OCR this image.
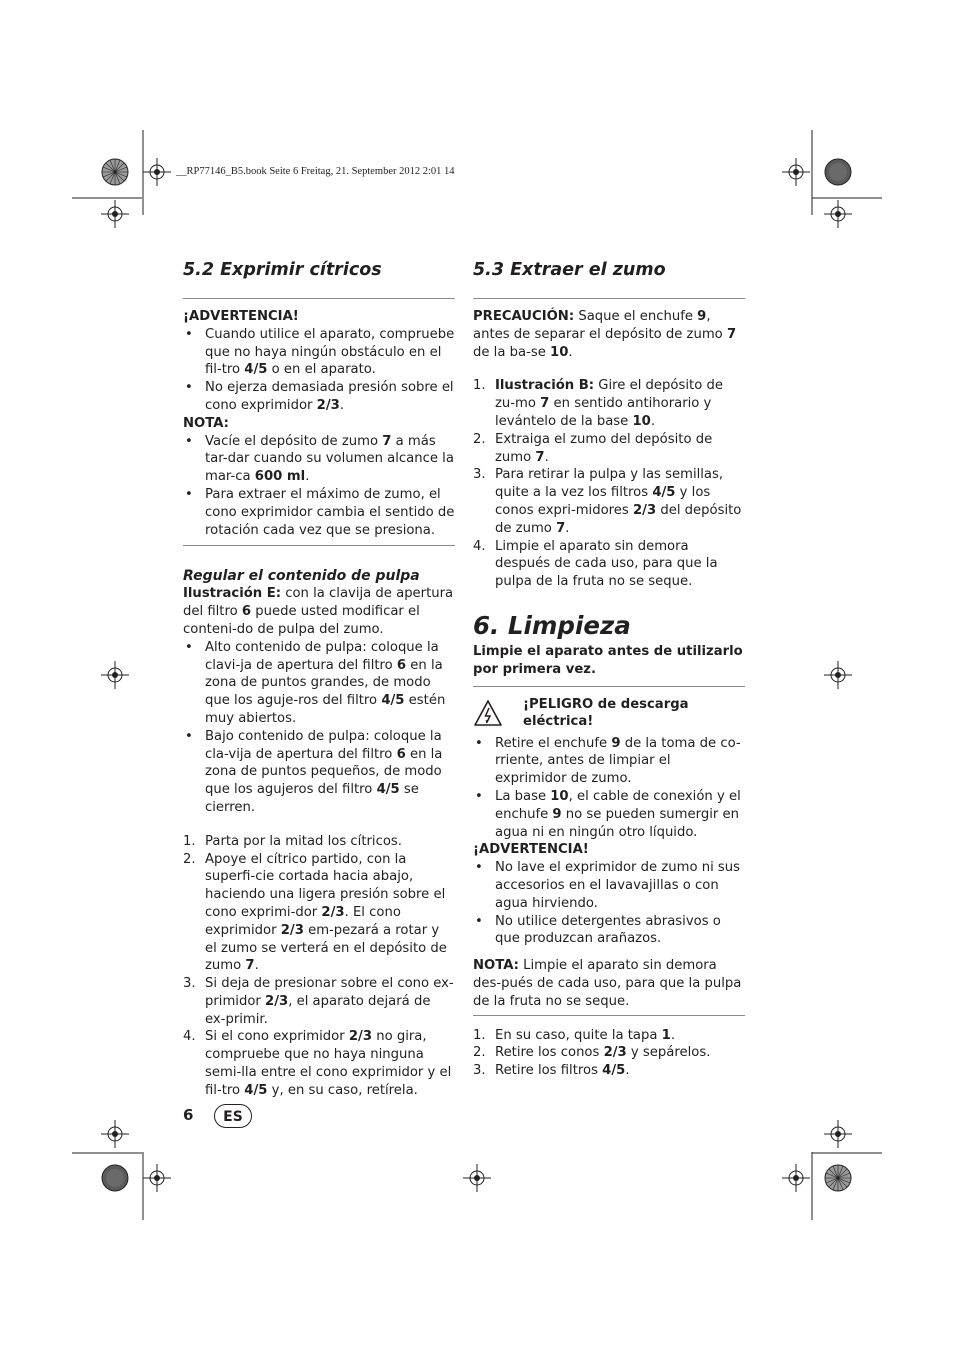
__RP77146_B5.book Seite 6 Freitag, 21. September 2012 2:01 14
5.2 Exprimir cítricos

¡ADVERTENCIA!

• Cuando utilice el aparato, compruebe que no haya ningún obstáculo en el fil-tro 4/5 o en el aparato.
• No ejerza demasiada presión sobre el cono exprimidor 2/3.

NOTA:

• Vacíe el depósito de zumo 7 a más tar-dar cuando su volumen alcance la mar-ca 600 ml.
• Para extraer el máximo de zumo, el cono exprimidor cambia el sentido de rotación cada vez que se presiona.

Regular el contenido de pulpa

Ilustración E: con la clavija de apertura del filtro 6 puede usted modificar el conteni-do de pulpa del zumo.

• Alto contenido de pulpa: coloque la clavi-ja de apertura del filtro 6 en la zona de puntos grandes, de modo que los aguje-ros del filtro 4/5 estén muy abiertos.
• Bajo contenido de pulpa: coloque la cla-vija de apertura del filtro 6 en la zona de puntos pequeños, de modo que los agujeros del filtro 4/5 se cierren.
1. Parta por la mitad los cítricos.
2. Apoye el cítrico partido, con la superfi-cie cortada hacia abajo, haciendo una ligera presión sobre el cono exprimi-dor 2/3. El cono exprimidor 2/3 em-pezará a rotar y el zumo se verterá en el depósito de zumo 7.
3. Si deja de presionar sobre el cono ex-primidor 2/3, el aparato dejará de ex-primir.
4. Si el cono exprimidor 2/3 no gira, compruebe que no haya ninguna semi-lla entre el cono exprimidor y el fil-tro 4/5 y, en su caso, retírela.
5.3 Extraer el zumo

PRECAUCIÓN: Saque el enchufe 9, antes de separar el depósito de zumo 7 de la ba-se 10.

1. Ilustración B: Gire el depósito de zu-mo 7 en sentido antihorario y levántelo de la base 10.
2. Extraiga el zumo del depósito de zumo 7.
3. Para retirar la pulpa y las semillas, quite a la vez los filtros 4/5 y los conos expri-midores 2/3 del depósito de zumo 7.
4. Limpie el aparato sin demora después de cada uso, para que la pulpa de la fruta no se seque.
6. Limpieza

Limpie el aparato antes de utilizarlo por primera vez.

¡PELIGRO de descarga eléctrica!

• Retire el enchufe 9 de la toma de co-rriente, antes de limpiar el exprimidor de zumo.
• La base 10, el cable de conexión y el enchufe 9 no se pueden sumergir en agua ni en ningún otro líquido.

¡ADVERTENCIA!

• No lave el exprimidor de zumo ni sus accesorios en el lavavajillas o con agua hirviendo.
• No utilice detergentes abrasivos o que produzcan arañazos.

NOTA: Limpie el aparato sin demora des-pués de cada uso, para que la pulpa de la fruta no se seque.

1. En su caso, quite la tapa 1.
2. Retire los conos 2/3 y sepárelos.
3. Retire los filtros 4/5.
6	ES
